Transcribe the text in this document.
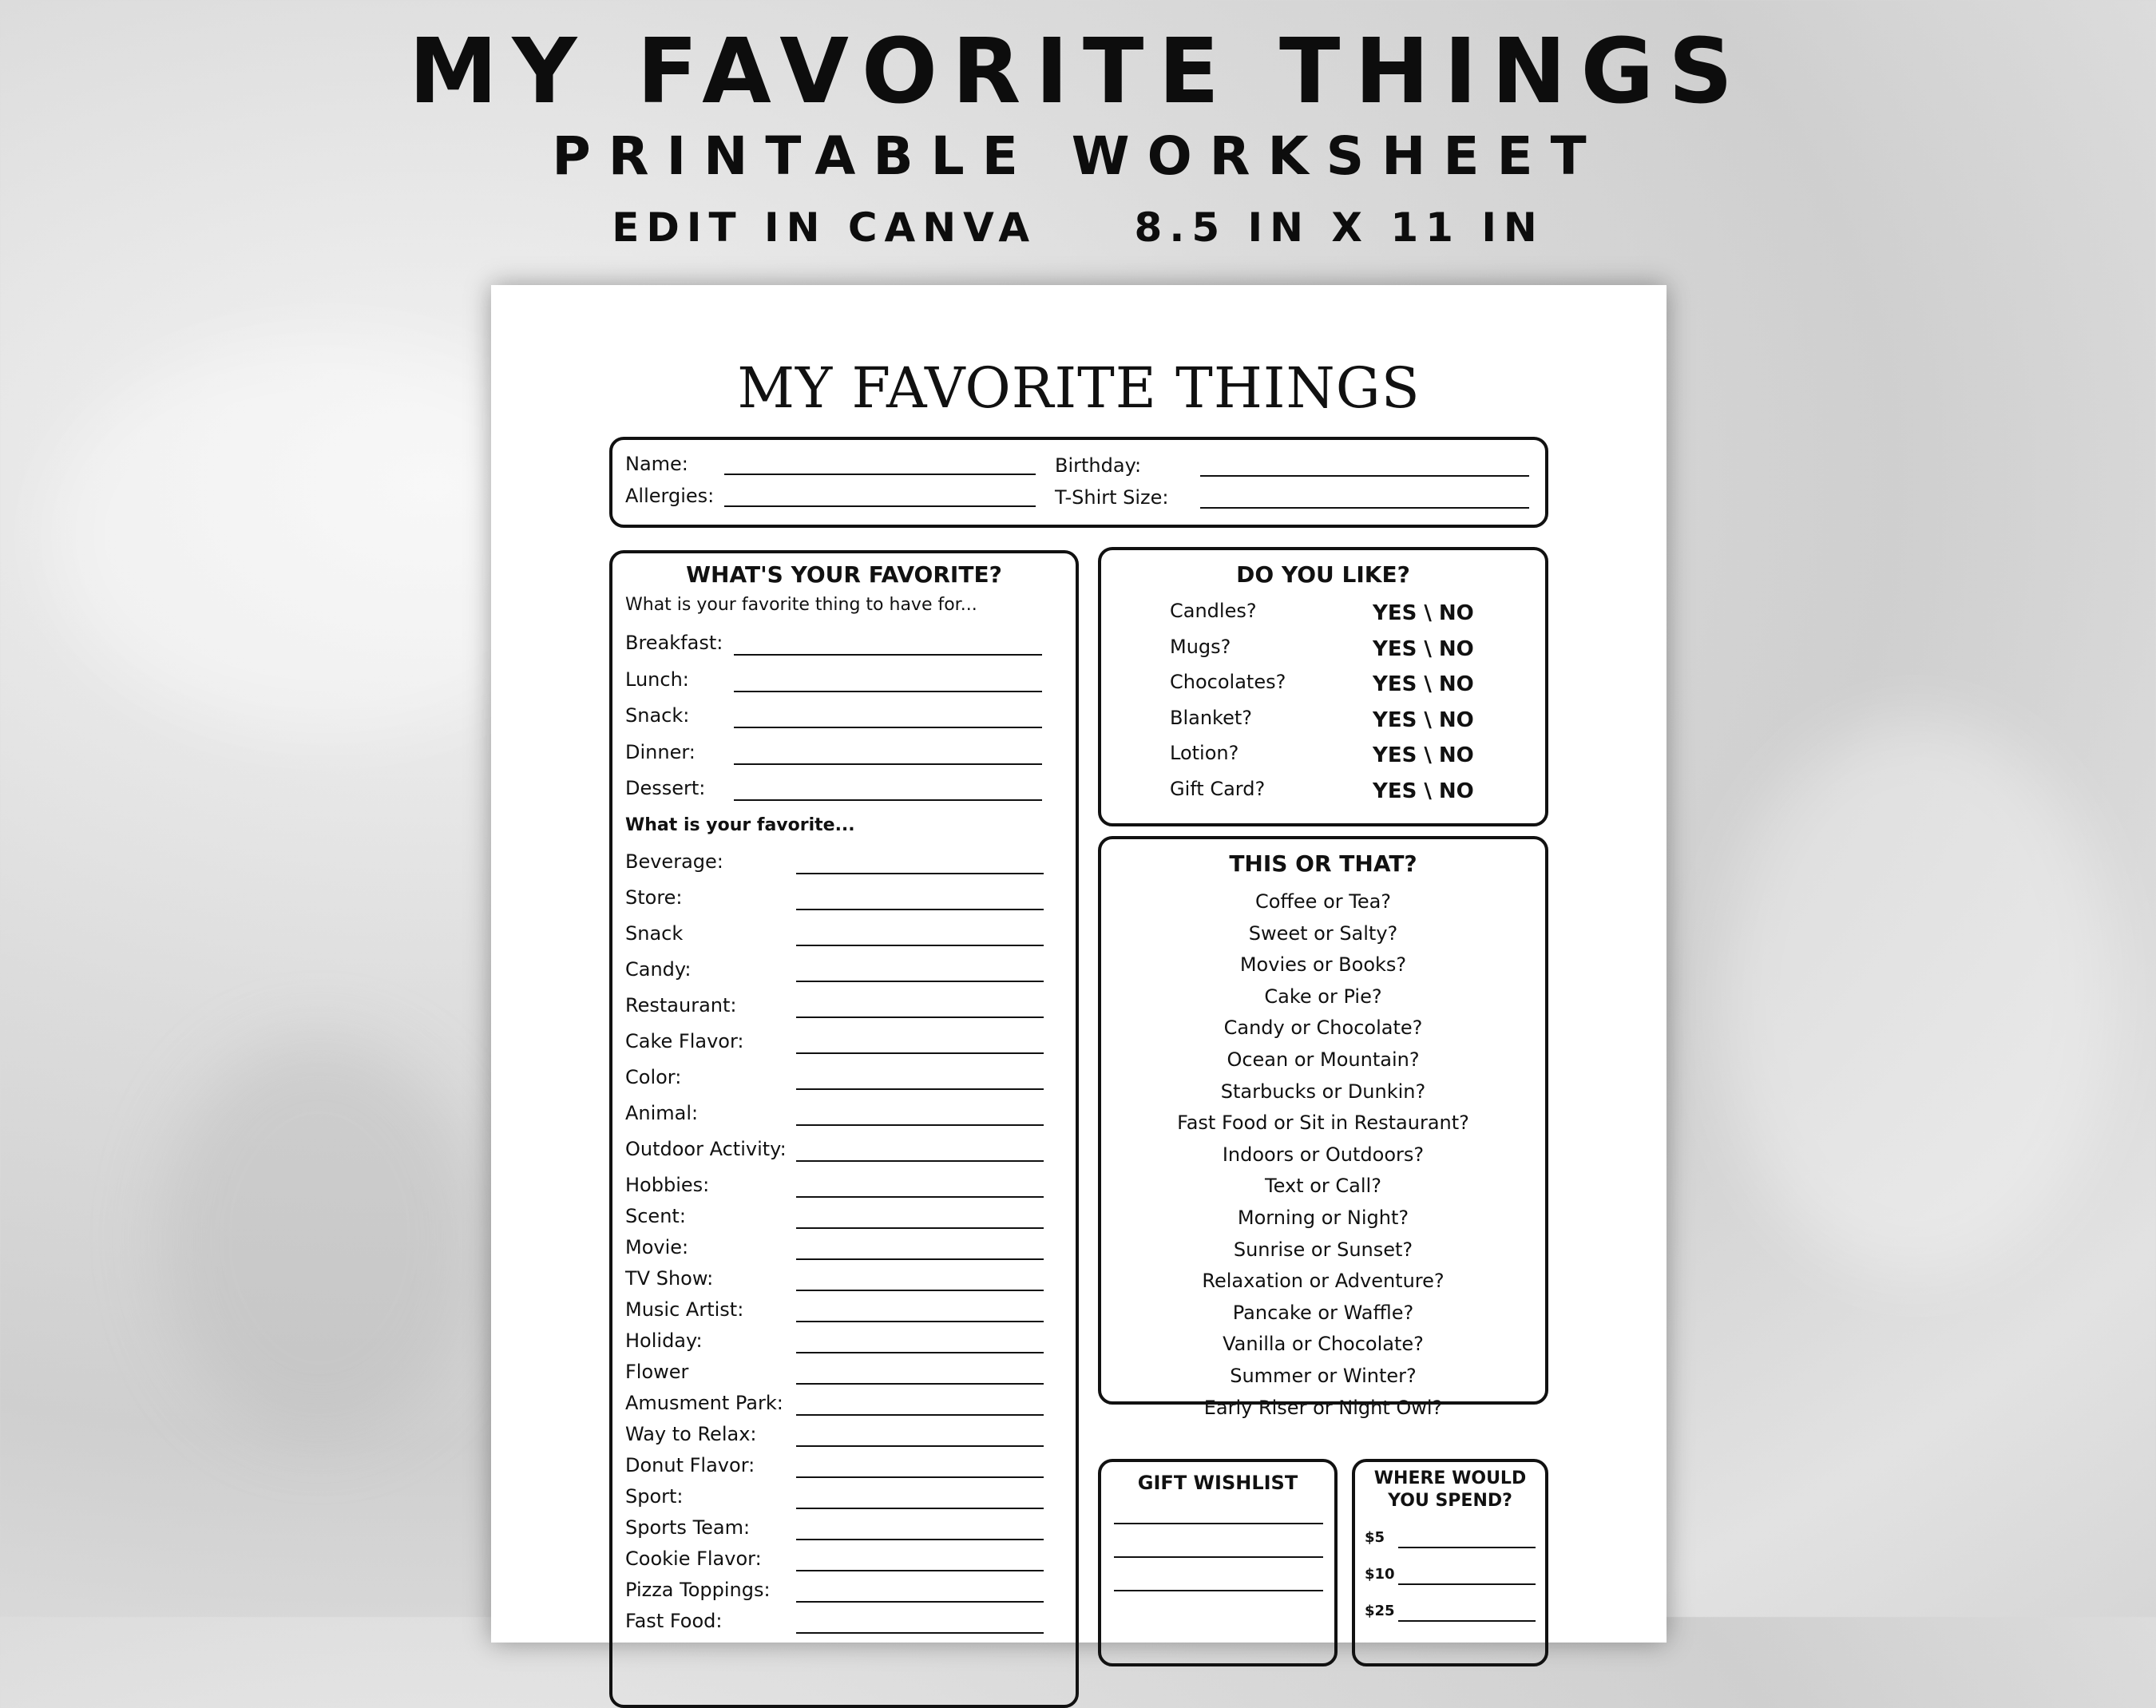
MY FAVORITE THINGS
PRINTABLE WORKSHEET
EDIT IN CANVA 8.5 IN X 11 IN
MY FAVORITE THINGS
Name:	Birthday:
Allergies:	T-Shirt Size:
WHAT'S YOUR FAVORITE?
What is your favorite thing to have for...
Breakfast:
Lunch:
Snack:
Dinner:
Dessert:
What is your favorite...
Beverage:
Store:
Snack
Candy:
Restaurant:
Cake Flavor:
Color:
Animal:
Outdoor Activity:
Hobbies:
Scent:
Movie:
TV Show:
Music Artist:
Holiday:
Flower
Amusment Park:
Way to Relax:
Donut Flavor:
Sport:
Sports Team:
Cookie Flavor:
Pizza Toppings:
Fast Food:
DO YOU LIKE?
Candles?	YES \ NO
Mugs?	YES \ NO
Chocolates?	YES \ NO
Blanket?	YES \ NO
Lotion?	YES \ NO
Gift Card?	YES \ NO
THIS OR THAT?
Coffee or Tea?
Sweet or Salty?
Movies or Books?
Cake or Pie?
Candy or Chocolate?
Ocean or Mountain?
Starbucks or Dunkin?
Fast Food or Sit in Restaurant?
Indoors or Outdoors?
Text or Call?
Morning or Night?
Sunrise or Sunset?
Relaxation or Adventure?
Pancake or Waffle?
Vanilla or Chocolate?
Summer or Winter?
Early Riser or Night Owl?
GIFT WISHLIST	WHERE WOULD
YOU SPEND?
$5
$10
$25
